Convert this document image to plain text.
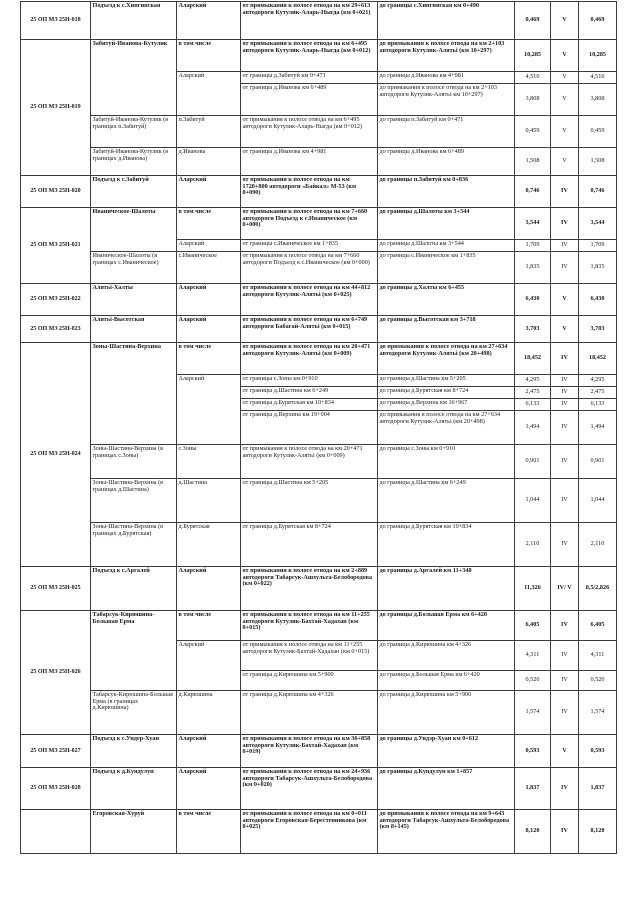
25 ОП МЗ 25Н-018	Подъезд к с.Хингинская	Аларский	от примыкания к полосе отвода на км 29+613 автодороги Кутулик-Аларь-Ныгда (км 0+021)	до границы с.Хингинская км 0+490	0,469	V	0,469
25 ОП МЗ 25Н-019	Забитуй-Иванова-Кутулик	в том числе	от примыкания к полосе отвода на км 6+495 автодороги Кутулик-Аларь-Ныгда (км 0+012)	до примыкания к полосе отвода на км 2+103 автодороги Кутулик-Алятьі (км 10+297)	10,285	V	10,285
		Аларский	от границы д.Забитуй км 0+471	до границы д.Иванова км 4+981	4,510	V	4,510
			от границы д.Иванова км 6+489	до примыкания к полосе отвода на км 2+103 автодороги Кутулик-Алятьі км 10+297)	3,808	V	3,808
	Забитуй-Иванова-Кутулик (в границах п.Забитуй)	п.Забитуй	от примыкания к полосе отвода на км 6+495 автодороги Кутулик-Аларь-Ныгда (км 0+012)	до границы п.Забитуй км 0+471	0,459	V	0,459
	Забитуй-Иванова-Кутулик (в границах д.Иванова)	д.Иванова	от границы д.Иванова км 4+981	до границы д.Иванова км 6+489	1,508	V	1,508
25 ОП МЗ 25Н-020	Подъезд к с.Забитуй	Аларский	от примыкания к полосе отвода на км 1720+800 автодороги «Байкал» М-53 (км 0+090)	до границы п.Забитуй км 0+836	0,746	IV	0,746
25 ОП МЗ 25Н-021	Иваническое-Шалоты	в том числе	от примыкания к полосе отвода на км 7+660 автодороги Подъезд к с.Иваническое (км 0+000)	до границы д.Шалоты км 3+544	3,544	IV	3,544
		Аларский	от границы с.Иваническое км 1+835	до границы д.Шалоты км 3+544	1,709	IV	1,709
	Иваническое-Шалоты (в границах с.Иваническое)	с.Иваническое	от примыкания к полосе отвода на км 7+660 автодороги Подъезд к с.Иваническое (км 0+000)	до границы с.Иваническое км 1+835	1,835	IV	1,835
25 ОП МЗ 25Н-022	Алятьі-Халты	Аларский	от примыкания к полосе отвода на км 44+812 автодороги Кутулик-Алятьі (км 0+025)	до границы д.Халты км 6+455	6,430	V	6,430
25 ОП МЗ 25Н-023	Алятьі-Высотская	Аларский	от примыкания к полосе отвода на км 6+749 автодороги Бабагай-Алятьі (км 0+015)	до границы д.Высотская км 3+718	3,703	V	3,703
25 ОП МЗ 25Н-024	Зоны-Шастина-Верхина	в том числе	от примыкания к полосе отвода на км 20+471 автодороги Кутулик-Алятьі (км 0+009)	до примыкания к полосе отвода на км 27+634 автодороги Кутулик-Алятьі (км 20+498)	18,452	IV	18,452
		Аларский	от границы с.Зоны км 0+910	до границы д.Шастина км 5+205	4,295	IV	4,295
			от границы д.Шастина км 6+249	до границы д.Бурятская км 8+724	2,475	IV	2,475
			от границы д.Бурятская км 10+834	до границы д.Верхина км 16+967	6,133	IV	6,133
			от границы д.Верхина км 19+004	до примыкания к полосе отвода на км 27+634 автодороги Кутулик-Алятьі (км 20+498)	1,494	IV	1,494
	Зоны-Шастина-Верхина (в границах с.Зоны)	с.Зоны	от примыкания к полосе отвода на км 20+471 автодороги Кутулик-Алятьі (км 0+009)	до границы с.Зоны км 0+910	0,901	IV	0,901
	Зоны-Шастина-Верхина (в границах д.Шастина)	д.Шастина	от границы д.Шастина км 5+205	до границы д.Шастина км 6+249	1,044	IV	1,044
	Зоны-Шастина-Верхина (в границах д.Бурятская)	д.Бурятская	от границы д.Бурятская км 8+724	до границы д.Бурятская км 10+834	2,110	IV	2,110
25 ОП МЗ 25Н-025	Подъезд к с.Аргалей	Аларский	от примыкания к полосе отвода на км 2+889 автодороги Табарсук-Ашхульта-Белобородова (км 0+022)	до границы д.Аргалей км 11+348	11,326	IV/ V	8,5/2,826
25 ОП МЗ 25Н-026	Табарсук-Кирюшина-Большая Ерма	в том числе	от примыкания к полосе отвода на км 11+255 автодороги Кутулик-Бахтай-Хадахан (км 0+015)	до границы д.Большая Ерма км 6+420	6,405	IV	6,405
		Аларский	от примыкания к полосе отвода на км 11+255 автодороги Кутулик-Бахтай-Хадахан (км 0+015)	до границы д.Кирюшина км 4+326	4,311	IV	4,311
			от границы д.Кирюшина км 5+900	до границы д.Большая Ерма км 6+420	0,520	IV	0,520
	Табарсук-Кирюшина-Большая Ерма (в границах д.Кирюшина)	д.Кирюшина	от границы д.Кирюшина км 4+326	до границы д.Кирюшина км 5+900	1,574	IV	1,574
25 ОП МЗ 25Н-027	Подъезд к с.Ундер-Хуан	Аларский	от примыкания к полосе отвода на км 36+858 автодороги Кутулик-Бахтай-Хадахан (км 0+019)	до границы д.Ундэр-Хуан км 0+612	0,593	V	0,593
25 ОП МЗ 25Н-028	Подъезд к д.Кундулун	Аларский	от примыкания к полосе отвода на км 24+936 автодороги Табарсук-Ашхульта-Белобородова (км 0+020)	до границы д.Кундулун км 1+857	1,837	IV	1,837
	Егоровская-Хуруй	в том числе	от примыкания к полосе отвода на км 0+011 автодороги Егоровская-Берестенникова (км 0+025)	до примыкания к полосе отвода на км 9+643 автодороги Табарсук-Ашхульта-Белобородова (км 8+145)	8,120	IV	8,120
